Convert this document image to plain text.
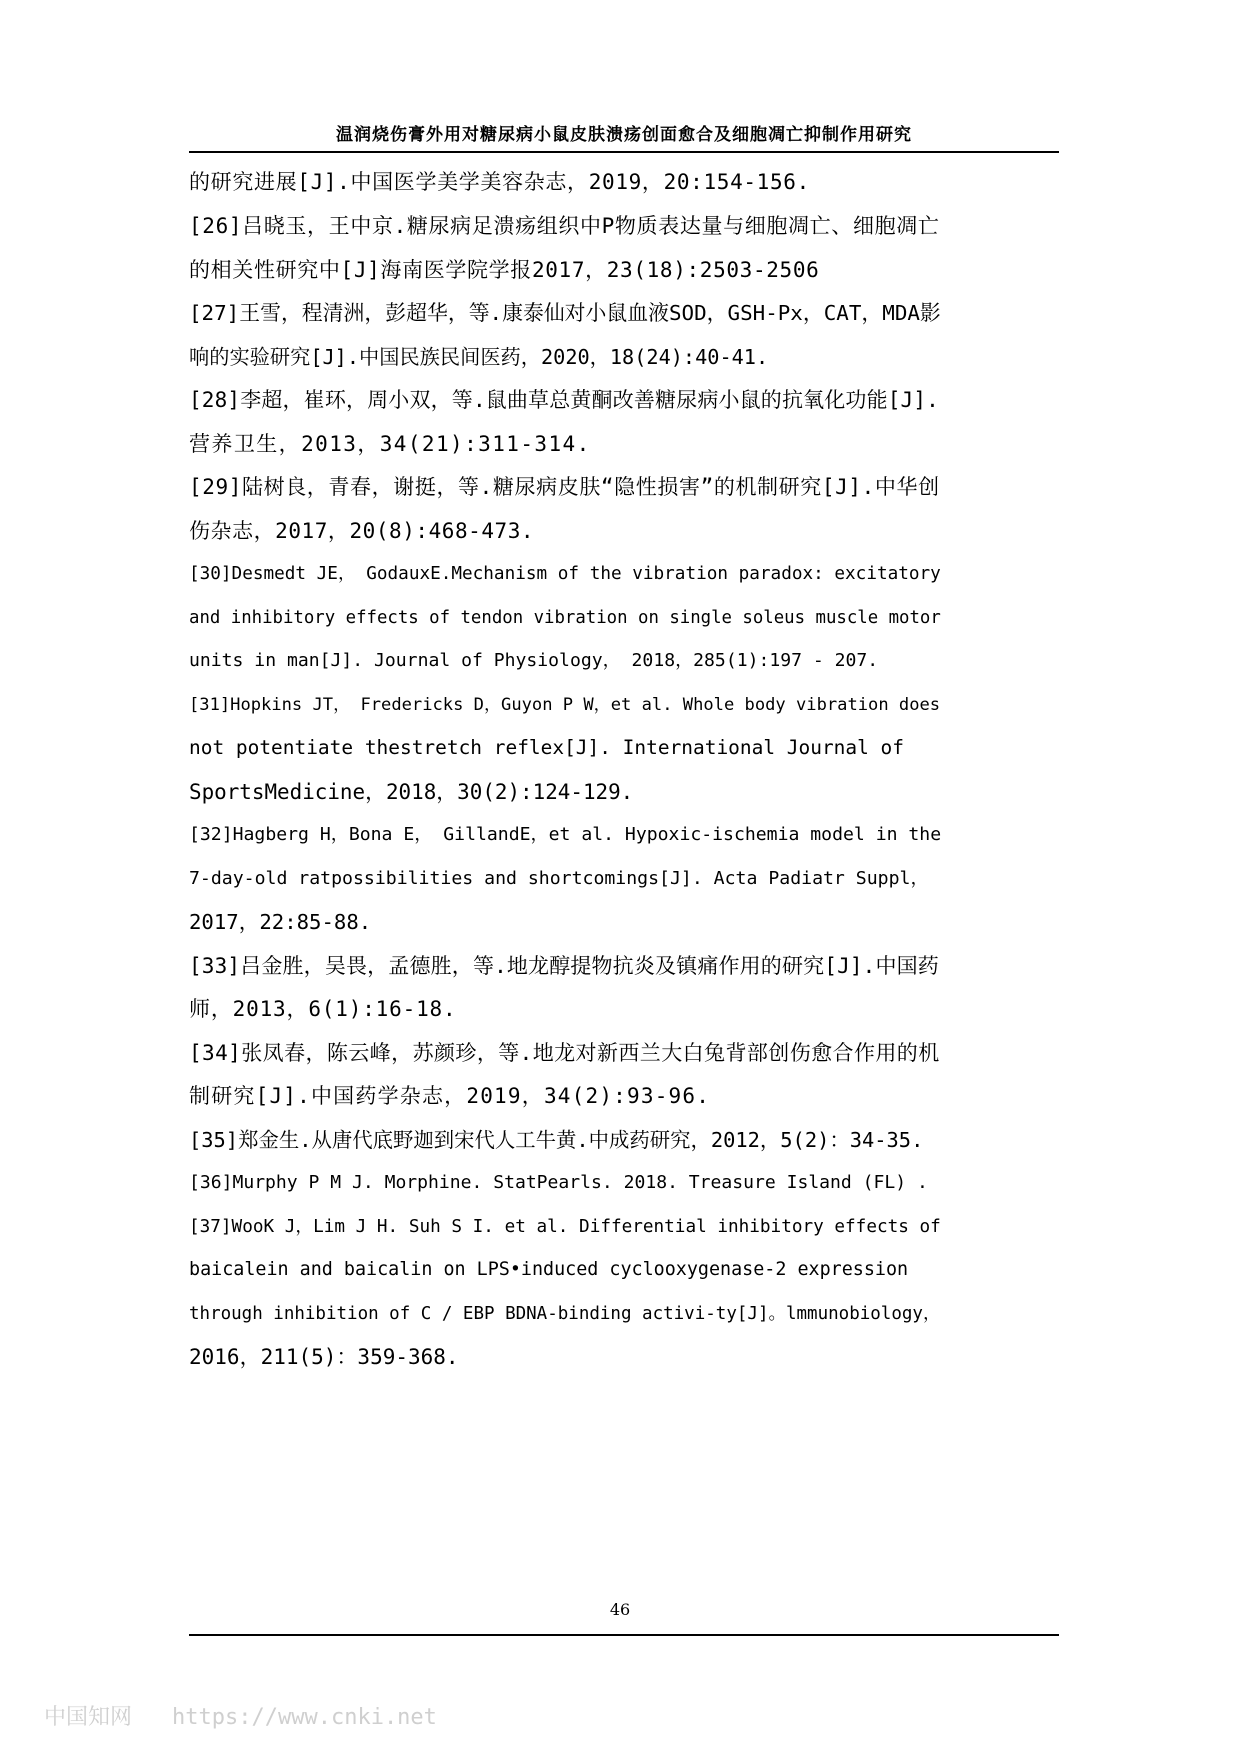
温润烧伤膏外用对糖尿病小鼠皮肤溃疡创面愈合及细胞凋亡抑制作用研究
的研究进展[J].中国医学美学美容杂志，2019，20:154-156.
[26]吕晓玉，王中京.糖尿病足溃疡组织中P物质表达量与细胞凋亡、细胞凋亡
的相关性研究中[J]海南医学院学报2017，23(18):2503-2506
[27]王雪，程清洲，彭超华，等.康泰仙对小鼠血液SOD，GSH-Px，CAT，MDA影
响的实验研究[J].中国民族民间医药，2020，18(24):40-41.
[28]李超，崔环，周小双，等.鼠曲草总黄酮改善糖尿病小鼠的抗氧化功能[J].
营养卫生，2013，34(21):311-314.
[29]陆树良，青春，谢挺，等.糖尿病皮肤“隐性损害”的机制研究[J].中华创
伤杂志，2017，20(8):468-473.
[30]Desmedt JE， GodauxE.Mechanism of the vibration paradox: excitatory
and inhibitory effects of tendon vibration on single soleus muscle motor
units in man[J]. Journal of Physiology， 2018，285(1):197 - 207.
[31]Hopkins JT， Fredericks D，Guyon P W，et al. Whole body vibration does
not potentiate thestretch reflex[J]. International Journal of
SportsMedicine，2018，30(2):124-129.
[32]Hagberg H，Bona E， GillandE，et al. Hypoxic-ischemia model in the
7-day-old ratpossibilities and shortcomings[J]. Acta Padiatr Suppl，
2017，22:85-88.
[33]吕金胜，吴畏，孟德胜，等.地龙醇提物抗炎及镇痛作用的研究[J].中国药
师，2013，6(1):16-18.
[34]张凤春，陈云峰，苏颜珍，等.地龙对新西兰大白兔背部创伤愈合作用的机
制研究[J].中国药学杂志，2019，34(2):93-96.
[35]郑金生.从唐代底野迦到宋代人工牛黄.中成药研究，2012，5(2)：34-35.
[36]Murphy P M J. Morphine. StatPearls. 2018. Treasure Island (FL) .
[37]WooK J，Lim J H. Suh S I. et al. Differential inhibitory effects of
baicalein and baicalin on LPS•induced cyclooxygenase-2 expression
through inhibition of C / EBP BDNA-binding activi-ty[J]。lmmunobiology，
2016，211(5)：359-368.
46
中国知网 https://www.cnki.net
